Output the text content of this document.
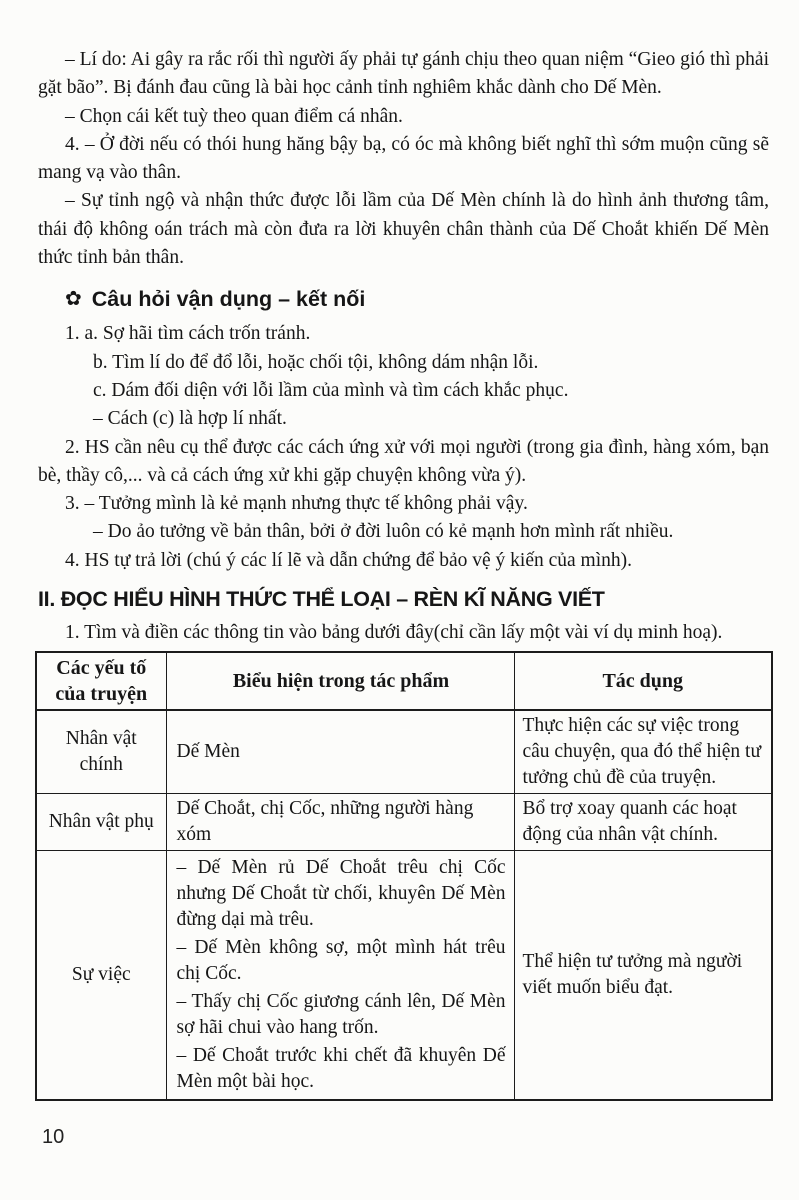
– Lí do: Ai gây ra rắc rối thì người ấy phải tự gánh chịu theo quan niệm “Gieo gió thì phải gặt bão”. Bị đánh đau cũng là bài học cảnh tỉnh nghiêm khắc dành cho Dế Mèn.

– Chọn cái kết tuỳ theo quan điểm cá nhân.

4. – Ở đời nếu có thói hung hăng bậy bạ, có óc mà không biết nghĩ thì sớm muộn cũng sẽ mang vạ vào thân.

– Sự tỉnh ngộ và nhận thức được lỗi lầm của Dế Mèn chính là do hình ảnh thương tâm, thái độ không oán trách mà còn đưa ra lời khuyên chân thành của Dế Choắt khiến Dế Mèn thức tỉnh bản thân.

✿ Câu hỏi vận dụng – kết nối

1. a. Sợ hãi tìm cách trốn tránh.

b. Tìm lí do để đổ lỗi, hoặc chối tội, không dám nhận lỗi.

c. Dám đối diện với lỗi lầm của mình và tìm cách khắc phục.

– Cách (c) là hợp lí nhất.

2. HS cần nêu cụ thể được các cách ứng xử với mọi người (trong gia đình, hàng xóm, bạn bè, thầy cô,... và cả cách ứng xử khi gặp chuyện không vừa ý).

3. – Tưởng mình là kẻ mạnh nhưng thực tế không phải vậy.

– Do ảo tưởng về bản thân, bởi ở đời luôn có kẻ mạnh hơn mình rất nhiều.

4. HS tự trả lời (chú ý các lí lẽ và dẫn chứng để bảo vệ ý kiến của mình).

II. ĐỌC HIỂU HÌNH THỨC THỂ LOẠI – RÈN KĨ NĂNG VIẾT

1. Tìm và điền các thông tin vào bảng dưới đây(chỉ cần lấy một vài ví dụ minh hoạ).

Các yếu tố của truyện	Biểu hiện trong tác phẩm	Tác dụng
Nhân vật chính	Dế Mèn	Thực hiện các sự việc trong câu chuyện, qua đó thể hiện tư tưởng chủ đề của truyện.
Nhân vật phụ	Dế Choắt, chị Cốc, những người hàng xóm	Bổ trợ xoay quanh các hoạt động của nhân vật chính.
Sự việc	– Dế Mèn rủ Dế Choắt trêu chị Cốc nhưng Dế Choắt từ chối, khuyên Dế Mèn đừng dại mà trêu.

– Dế Mèn không sợ, một mình hát trêu chị Cốc.

– Thấy chị Cốc giương cánh lên, Dế Mèn sợ hãi chui vào hang trốn.

– Dế Choắt trước khi chết đã khuyên Dế Mèn một bài học.	Thể hiện tư tưởng mà người viết muốn biểu đạt.
10
